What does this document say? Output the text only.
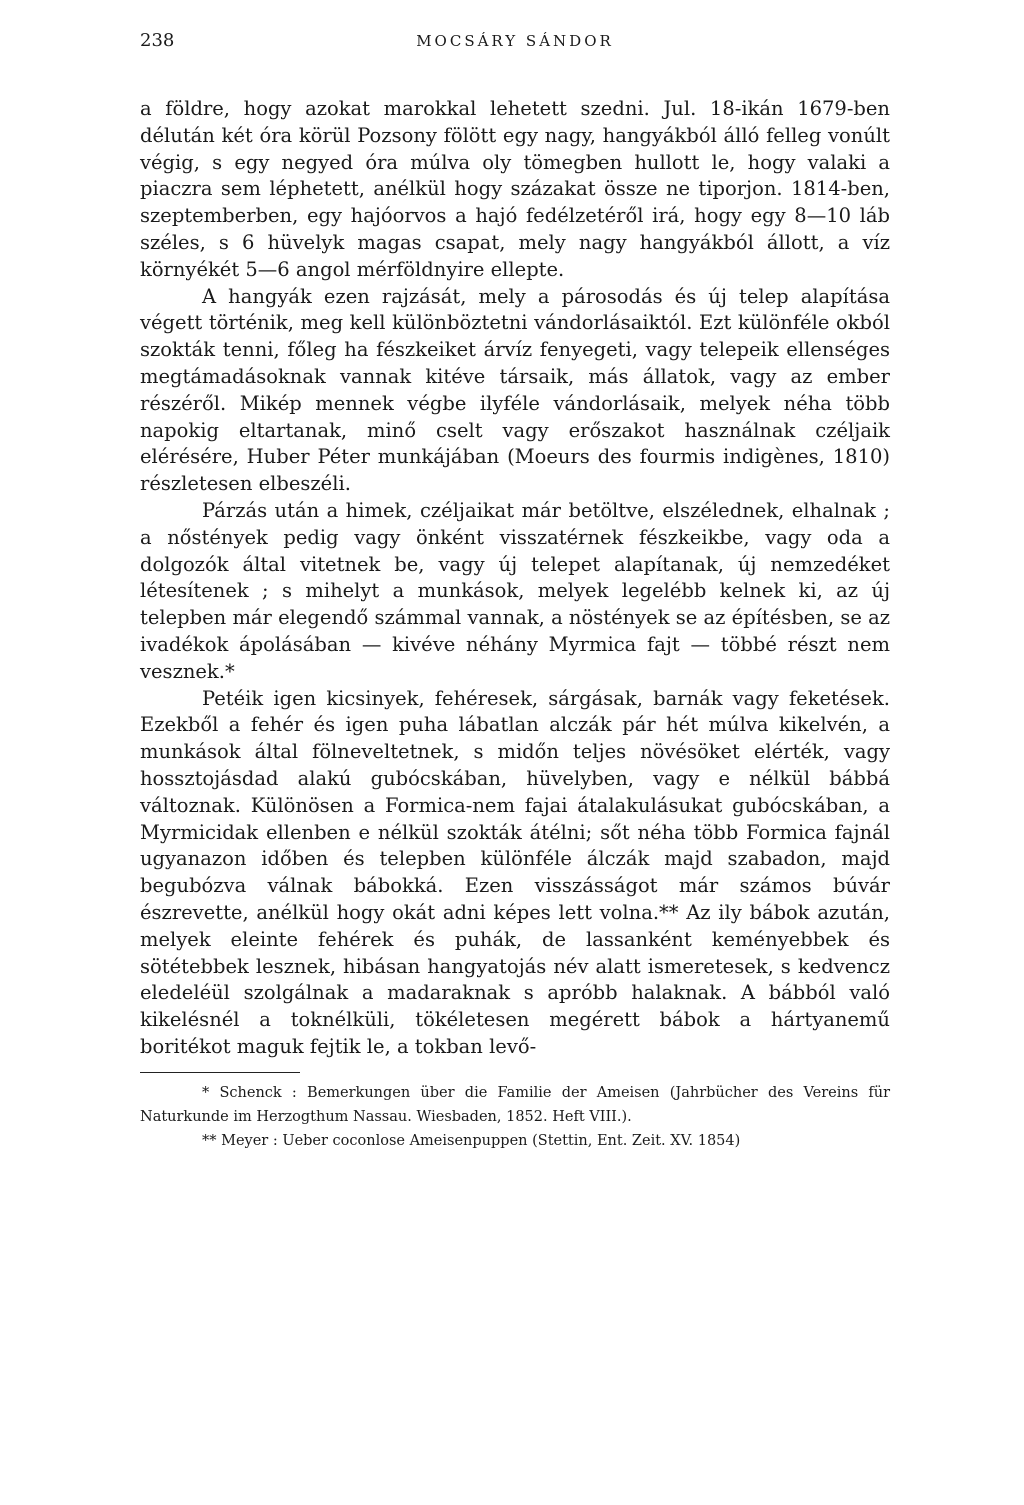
238	MOCSÁRY SÁNDOR

a földre, hogy azokat marokkal lehetett szedni. Jul. 18-ikán 1679-ben délután két óra körül Pozsony fölött egy nagy, hangyákból álló felleg vonúlt végig, s egy negyed óra múlva oly tömegben hullott le, hogy valaki a piaczra sem léphetett, anélkül hogy százakat össze ne tiporjon. 1814-ben, szeptemberben, egy hajóorvos a hajó fedélzetéről irá, hogy egy 8—10 láb széles, s 6 hüvelyk magas csapat, mely nagy hangyákból állott, a víz környékét 5—6 angol mérföldnyire ellepte.

A hangyák ezen rajzását, mely a párosodás és új telep alapítása végett történik, meg kell különböztetni vándorlásaiktól. Ezt különféle okból szokták tenni, főleg ha fészkeiket árvíz fenyegeti, vagy telepeik ellenséges megtámadásoknak vannak kitéve társaik, más állatok, vagy az ember részéről. Mikép mennek végbe ilyféle vándorlásaik, melyek néha több napokig eltartanak, minő cselt vagy erőszakot használnak czéljaik elérésére, Huber Péter munkájában (Moeurs des fourmis indigènes, 1810) részletesen elbeszéli.

Párzás után a himek, czéljaikat már betöltve, elszélednek, elhalnak ; a nőstények pedig vagy önként visszatérnek fészkeikbe, vagy oda a dolgozók által vitetnek be, vagy új telepet alapítanak, új nemzedéket létesítenek ; s mihelyt a munkások, melyek legelébb kelnek ki, az új telepben már elegendő számmal vannak, a nöstények se az építésben, se az ivadékok ápolásában — kivéve néhány Myrmica fajt — többé részt nem vesznek.*

Petéik igen kicsinyek, fehéresek, sárgásak, barnák vagy feketések. Ezekből a fehér és igen puha lábatlan alczák pár hét múlva kikelvén, a munkások által fölneveltetnek, s midőn teljes növésöket elérték, vagy hossztojásdad alakú gubócskában, hüvelyben, vagy e nélkül bábbá változnak. Különösen a Formica-nem fajai átalakulásukat gubócskában, a Myrmicidak ellenben e nélkül szokták átélni; sőt néha több Formica fajnál ugyanazon időben és telepben különféle álczák majd szabadon, majd begubózva válnak bábokká. Ezen visszásságot már számos búvár észrevette, anélkül hogy okát adni képes lett volna.** Az ily bábok azután, melyek eleinte fehérek és puhák, de lassanként keményebbek és sötétebbek lesznek, hibásan hangyatojás név alatt ismeretesek, s kedvencz eledeléül szolgálnak a madaraknak s apróbb halaknak. A bábból való kikelésnél a toknélküli, tökéletesen megérett bábok a hártyanemű boritékot maguk fejtik le, a tokban levő-

* Schenck : Bemerkungen über die Familie der Ameisen (Jahrbücher des Vereins für Naturkunde im Herzogthum Nassau. Wiesbaden, 1852. Heft VIII.).

** Meyer : Ueber coconlose Ameisenpuppen (Stettin, Ent. Zeit. XV. 1854)
